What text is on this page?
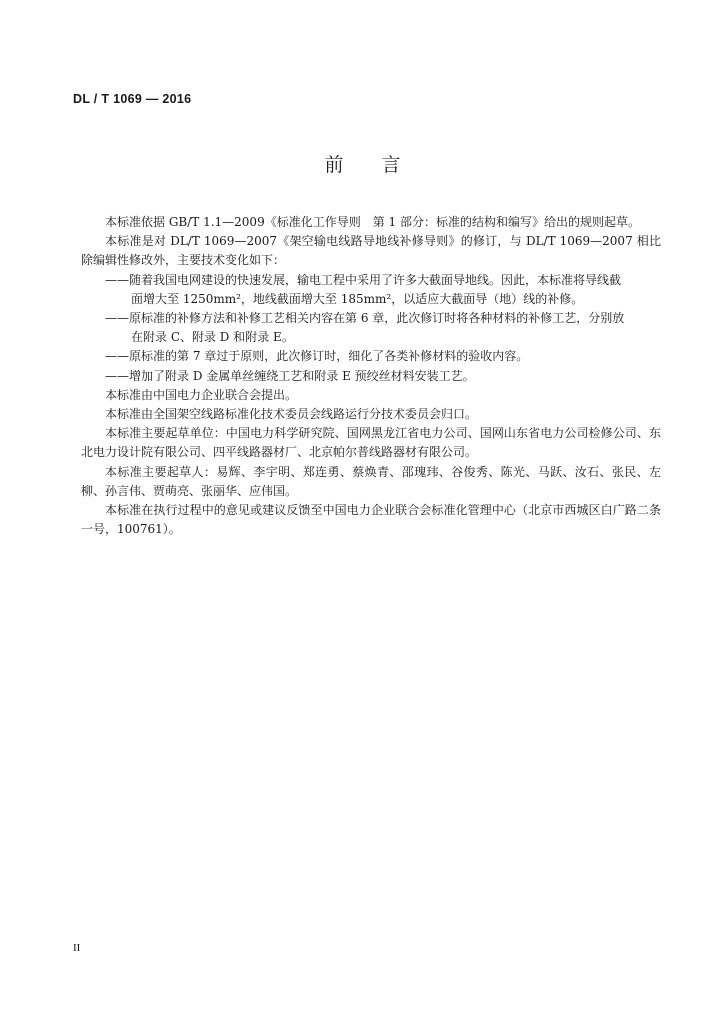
DL / T 1069 — 2016
前言

本标准依据 GB/T 1.1—2009《标准化工作导则　第 1 部分：标准的结构和编写》给出的规则起草。

本标准是对 DL/T 1069—2007《架空输电线路导地线补修导则》的修订，与 DL/T 1069—2007 相比除编辑性修改外，主要技术变化如下：

——随着我国电网建设的快速发展，输电工程中采用了许多大截面导地线。因此，本标准将导线截
面增大至 1250mm²，地线截面增大至 185mm²，以适应大截面导（地）线的补修。

——原标准的补修方法和补修工艺相关内容在第 6 章，此次修订时将各种材料的补修工艺，分别放
在附录 C、附录 D 和附录 E。

——原标准的第 7 章过于原则，此次修订时，细化了各类补修材料的验收内容。

——增加了附录 D 金属单丝缠绕工艺和附录 E 预绞丝材料安装工艺。

本标准由中国电力企业联合会提出。

本标准由全国架空线路标准化技术委员会线路运行分技术委员会归口。

本标准主要起草单位：中国电力科学研究院、国网黑龙江省电力公司、国网山东省电力公司检修公司、东北电力设计院有限公司、四平线路器材厂、北京帕尔普线路器材有限公司。

本标准主要起草人：易辉、李宇明、郑连勇、蔡焕青、邵瑰玮、谷俊秀、陈光、马跃、汝石、张民、左柳、孙言伟、贾萌亮、张丽华、应伟国。

本标准在执行过程中的意见或建议反馈至中国电力企业联合会标准化管理中心（北京市西城区白广路二条一号，100761）。

II
